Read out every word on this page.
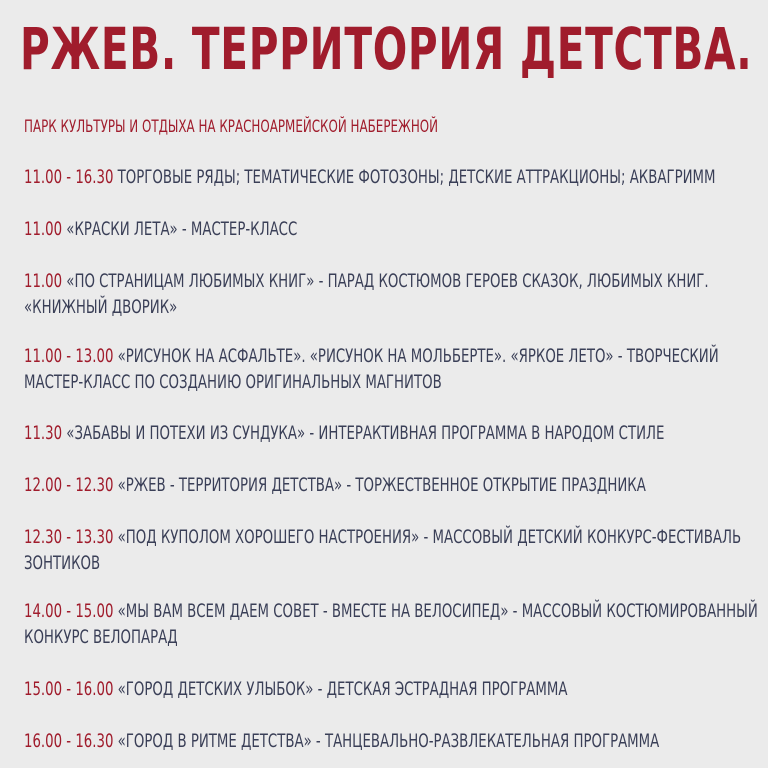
РЖЕВ. ТЕРРИТОРИЯ ДЕТСТВА.

ПАРК КУЛЬТУРЫ И ОТДЫХА НА КРАСНОАРМЕЙСКОЙ НАБЕРЕЖНОЙ

11.00 - 16.30 ТОРГОВЫЕ РЯДЫ; ТЕМАТИЧЕСКИЕ ФОТОЗОНЫ; ДЕТСКИЕ АТТРАКЦИОНЫ; АКВАГРИММ
11.00 «КРАСКИ ЛЕТА» - МАСТЕР-КЛАСС
11.00 «ПО СТРАНИЦАМ ЛЮБИМЫХ КНИГ» - ПАРАД КОСТЮМОВ ГЕРОЕВ СКАЗОК, ЛЮБИМЫХ КНИГ.
«КНИЖНЫЙ ДВОРИК»
11.00 - 13.00 «РИСУНОК НА АСФАЛЬТЕ». «РИСУНОК НА МОЛЬБЕРТЕ». «ЯРКОЕ ЛЕТО» - ТВОРЧЕСКИЙ
МАСТЕР-КЛАСС ПО СОЗДАНИЮ ОРИГИНАЛЬНЫХ МАГНИТОВ
11.30 «ЗАБАВЫ И ПОТЕХИ ИЗ СУНДУКА» - ИНТЕРАКТИВНАЯ ПРОГРАММА В НАРОДОМ СТИЛЕ
12.00 - 12.30 «РЖЕВ - ТЕРРИТОРИЯ ДЕТСТВА» - ТОРЖЕСТВЕННОЕ ОТКРЫТИЕ ПРАЗДНИКА
12.30 - 13.30 «ПОД КУПОЛОМ ХОРОШЕГО НАСТРОЕНИЯ» - МАССОВЫЙ ДЕТСКИЙ КОНКУРС-ФЕСТИВАЛЬ
ЗОНТИКОВ
14.00 - 15.00 «МЫ ВАМ ВСЕМ ДАЕМ СОВЕТ - ВМЕСТЕ НА ВЕЛОСИПЕД» - МАССОВЫЙ КОСТЮМИРОВАННЫЙ
КОНКУРС ВЕЛОПАРАД
15.00 - 16.00 «ГОРОД ДЕТСКИХ УЛЫБОК» - ДЕТСКАЯ ЭСТРАДНАЯ ПРОГРАММА
16.00 - 16.30 «ГОРОД В РИТМЕ ДЕТСТВА» - ТАНЦЕВАЛЬНО-РАЗВЛЕКАТЕЛЬНАЯ ПРОГРАММА
